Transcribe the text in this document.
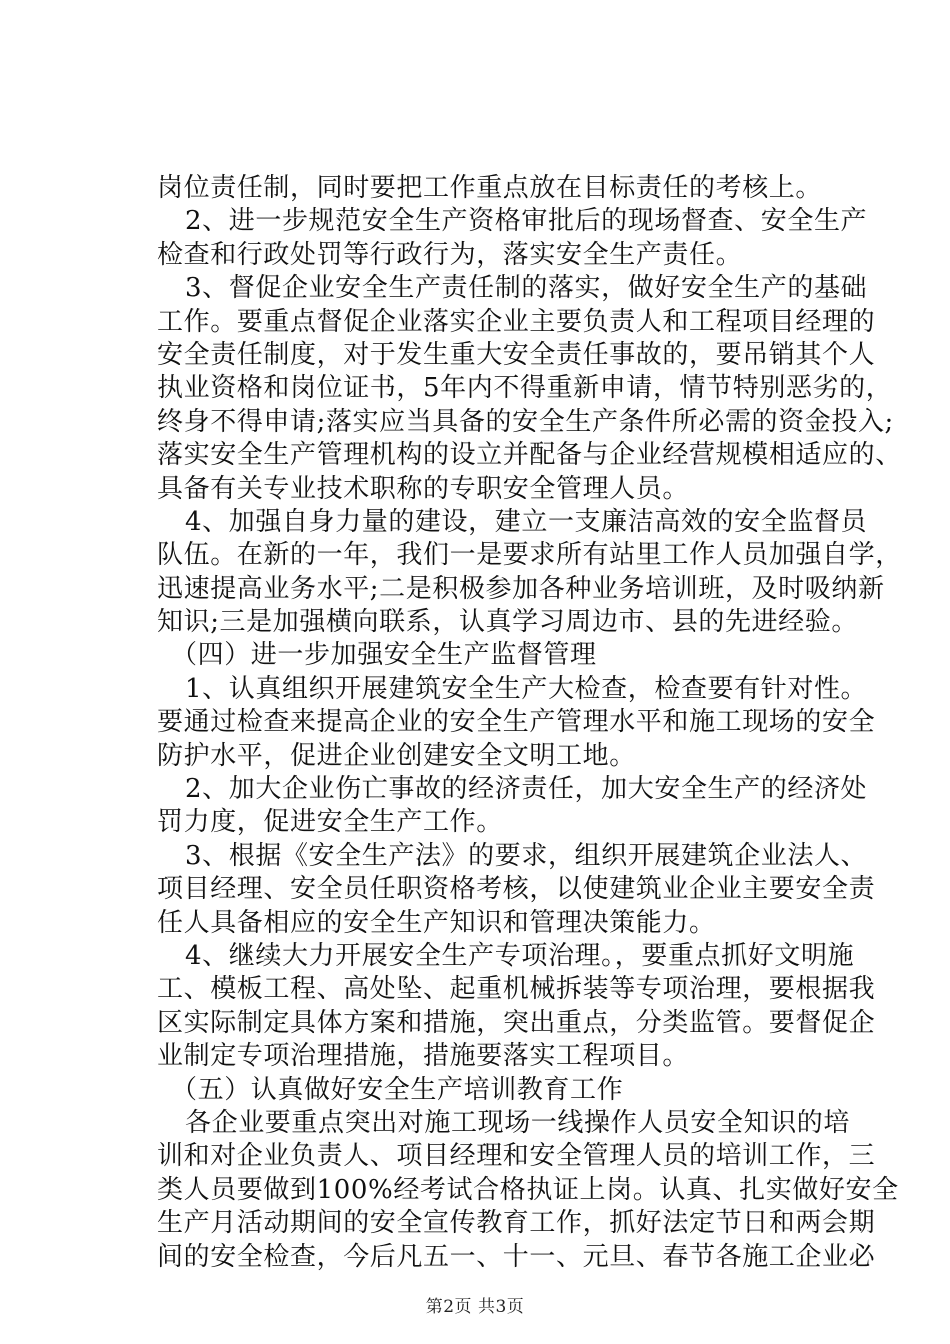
岗位责任制，同时要把工作重点放在目标责任的考核上。
2、进一步规范安全生产资格审批后的现场督查、安全生产
检查和行政处罚等行政行为，落实安全生产责任。
3、督促企业安全生产责任制的落实，做好安全生产的基础
工作。要重点督促企业落实企业主要负责人和工程项目经理的
安全责任制度，对于发生重大安全责任事故的，要吊销其个人
执业资格和岗位证书，5年内不得重新申请，情节特别恶劣的，
终身不得申请;落实应当具备的安全生产条件所必需的资金投入;
落实安全生产管理机构的设立并配备与企业经营规模相适应的、
具备有关专业技术职称的专职安全管理人员。
4、加强自身力量的建设，建立一支廉洁高效的安全监督员
队伍。在新的一年，我们一是要求所有站里工作人员加强自学，
迅速提高业务水平;二是积极参加各种业务培训班，及时吸纳新
知识;三是加强横向联系，认真学习周边市、县的先进经验。
（四）进一步加强安全生产监督管理
1、认真组织开展建筑安全生产大检查，检查要有针对性。
要通过检查来提高企业的安全生产管理水平和施工现场的安全
防护水平，促进企业创建安全文明工地。
2、加大企业伤亡事故的经济责任，加大安全生产的经济处
罚力度，促进安全生产工作。
3、根据《安全生产法》的要求，组织开展建筑企业法人、
项目经理、安全员任职资格考核，以使建筑业企业主要安全责
任人具备相应的安全生产知识和管理决策能力。
4、继续大力开展安全生产专项治理。，要重点抓好文明施
工、模板工程、高处坠、起重机械拆装等专项治理，要根据我
区实际制定具体方案和措施，突出重点，分类监管。要督促企
业制定专项治理措施，措施要落实工程项目。
（五）认真做好安全生产培训教育工作
各企业要重点突出对施工现场一线操作人员安全知识的培
训和对企业负责人、项目经理和安全管理人员的培训工作，三
类人员要做到100%经考试合格执证上岗。认真、扎实做好安全
生产月活动期间的安全宣传教育工作，抓好法定节日和两会期
间的安全检查，今后凡五一、十一、元旦、春节各施工企业必
第2页 共3页
